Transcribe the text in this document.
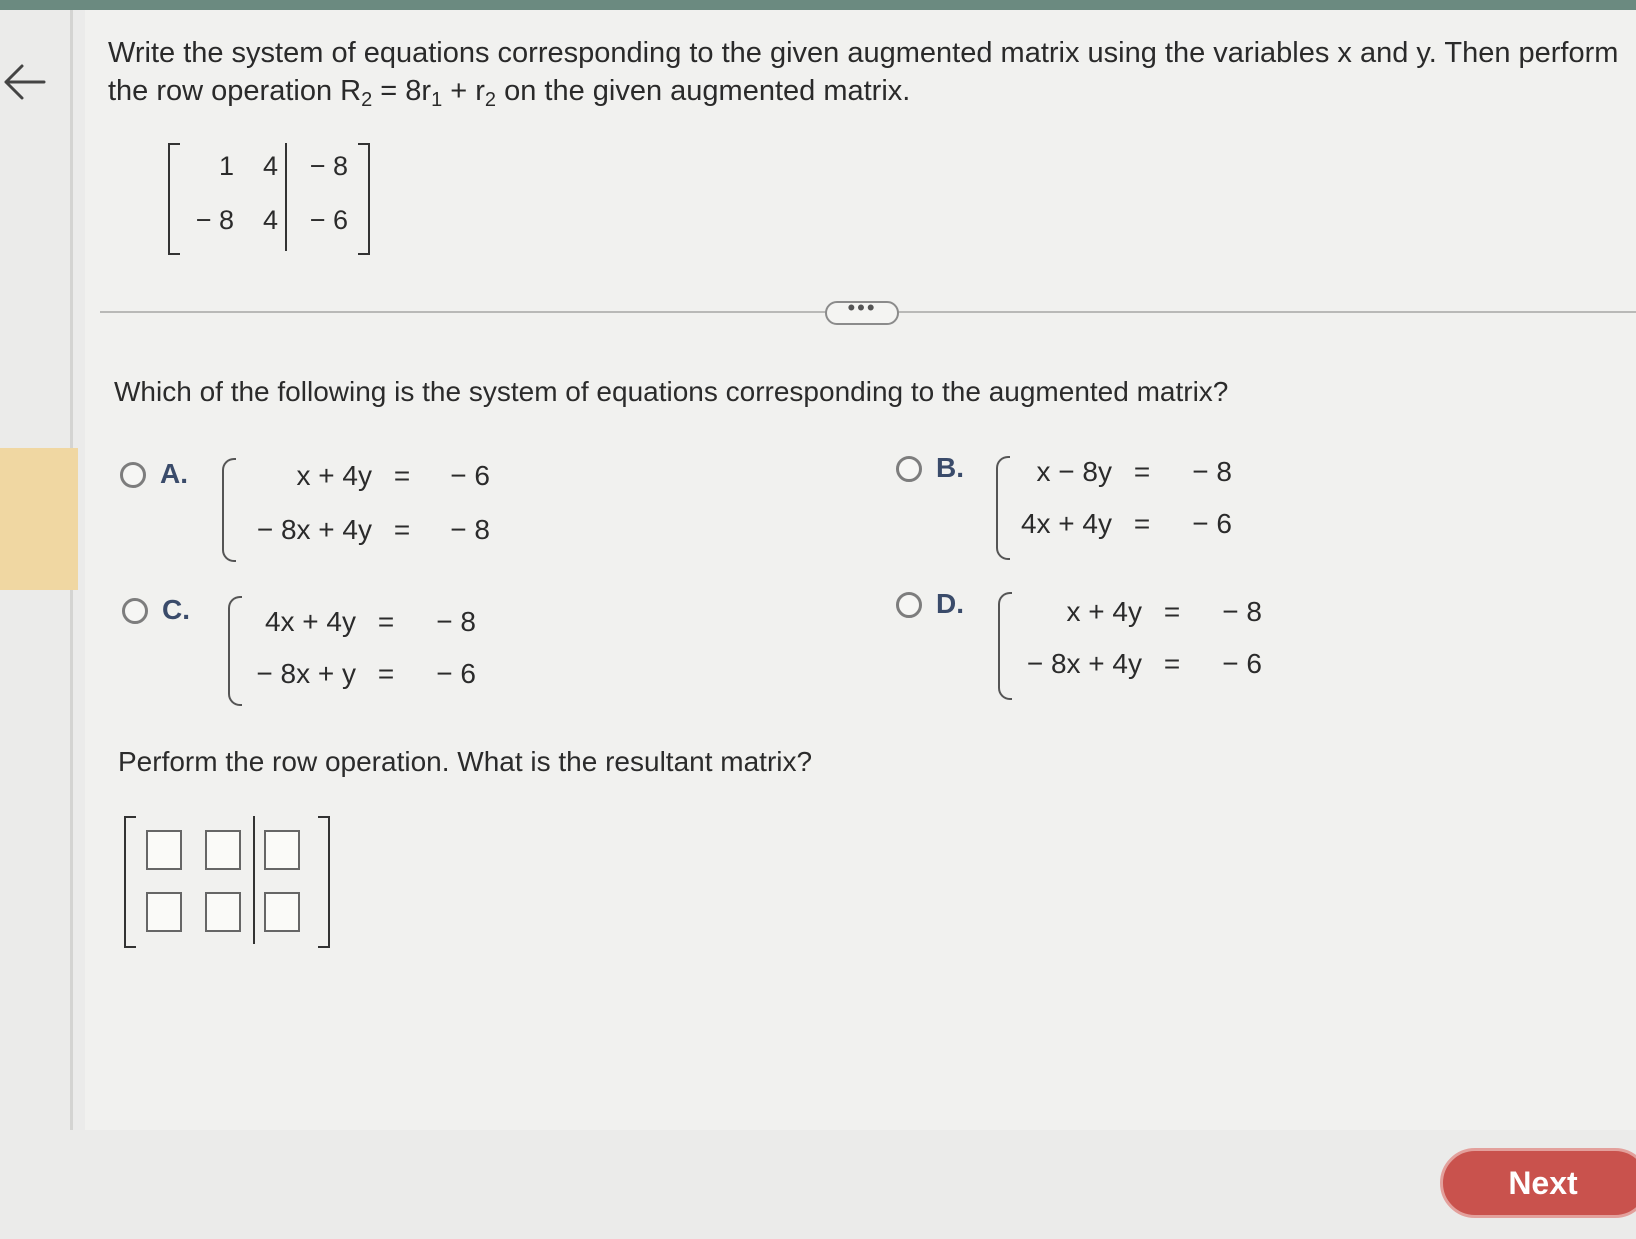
Write the system of equations corresponding to the given augmented matrix using the variables x and y. Then perform
the row operation $R_2 = 8r_1 + r_2$ on the given augmented matrix.
1	4	− 8
− 8	4	− 6
•••
Which of the following is the system of equations corresponding to the augmented matrix?
A.	x + 4y = − 6
− 8x + 4y = − 8
B.	x − 8y = − 8
4x + 4y = − 6
C.	4x + 4y = − 8
− 8x + y = − 6
D.	x + 4y = − 8
− 8x + 4y = − 6
Perform the row operation. What is the resultant matrix?
Next
